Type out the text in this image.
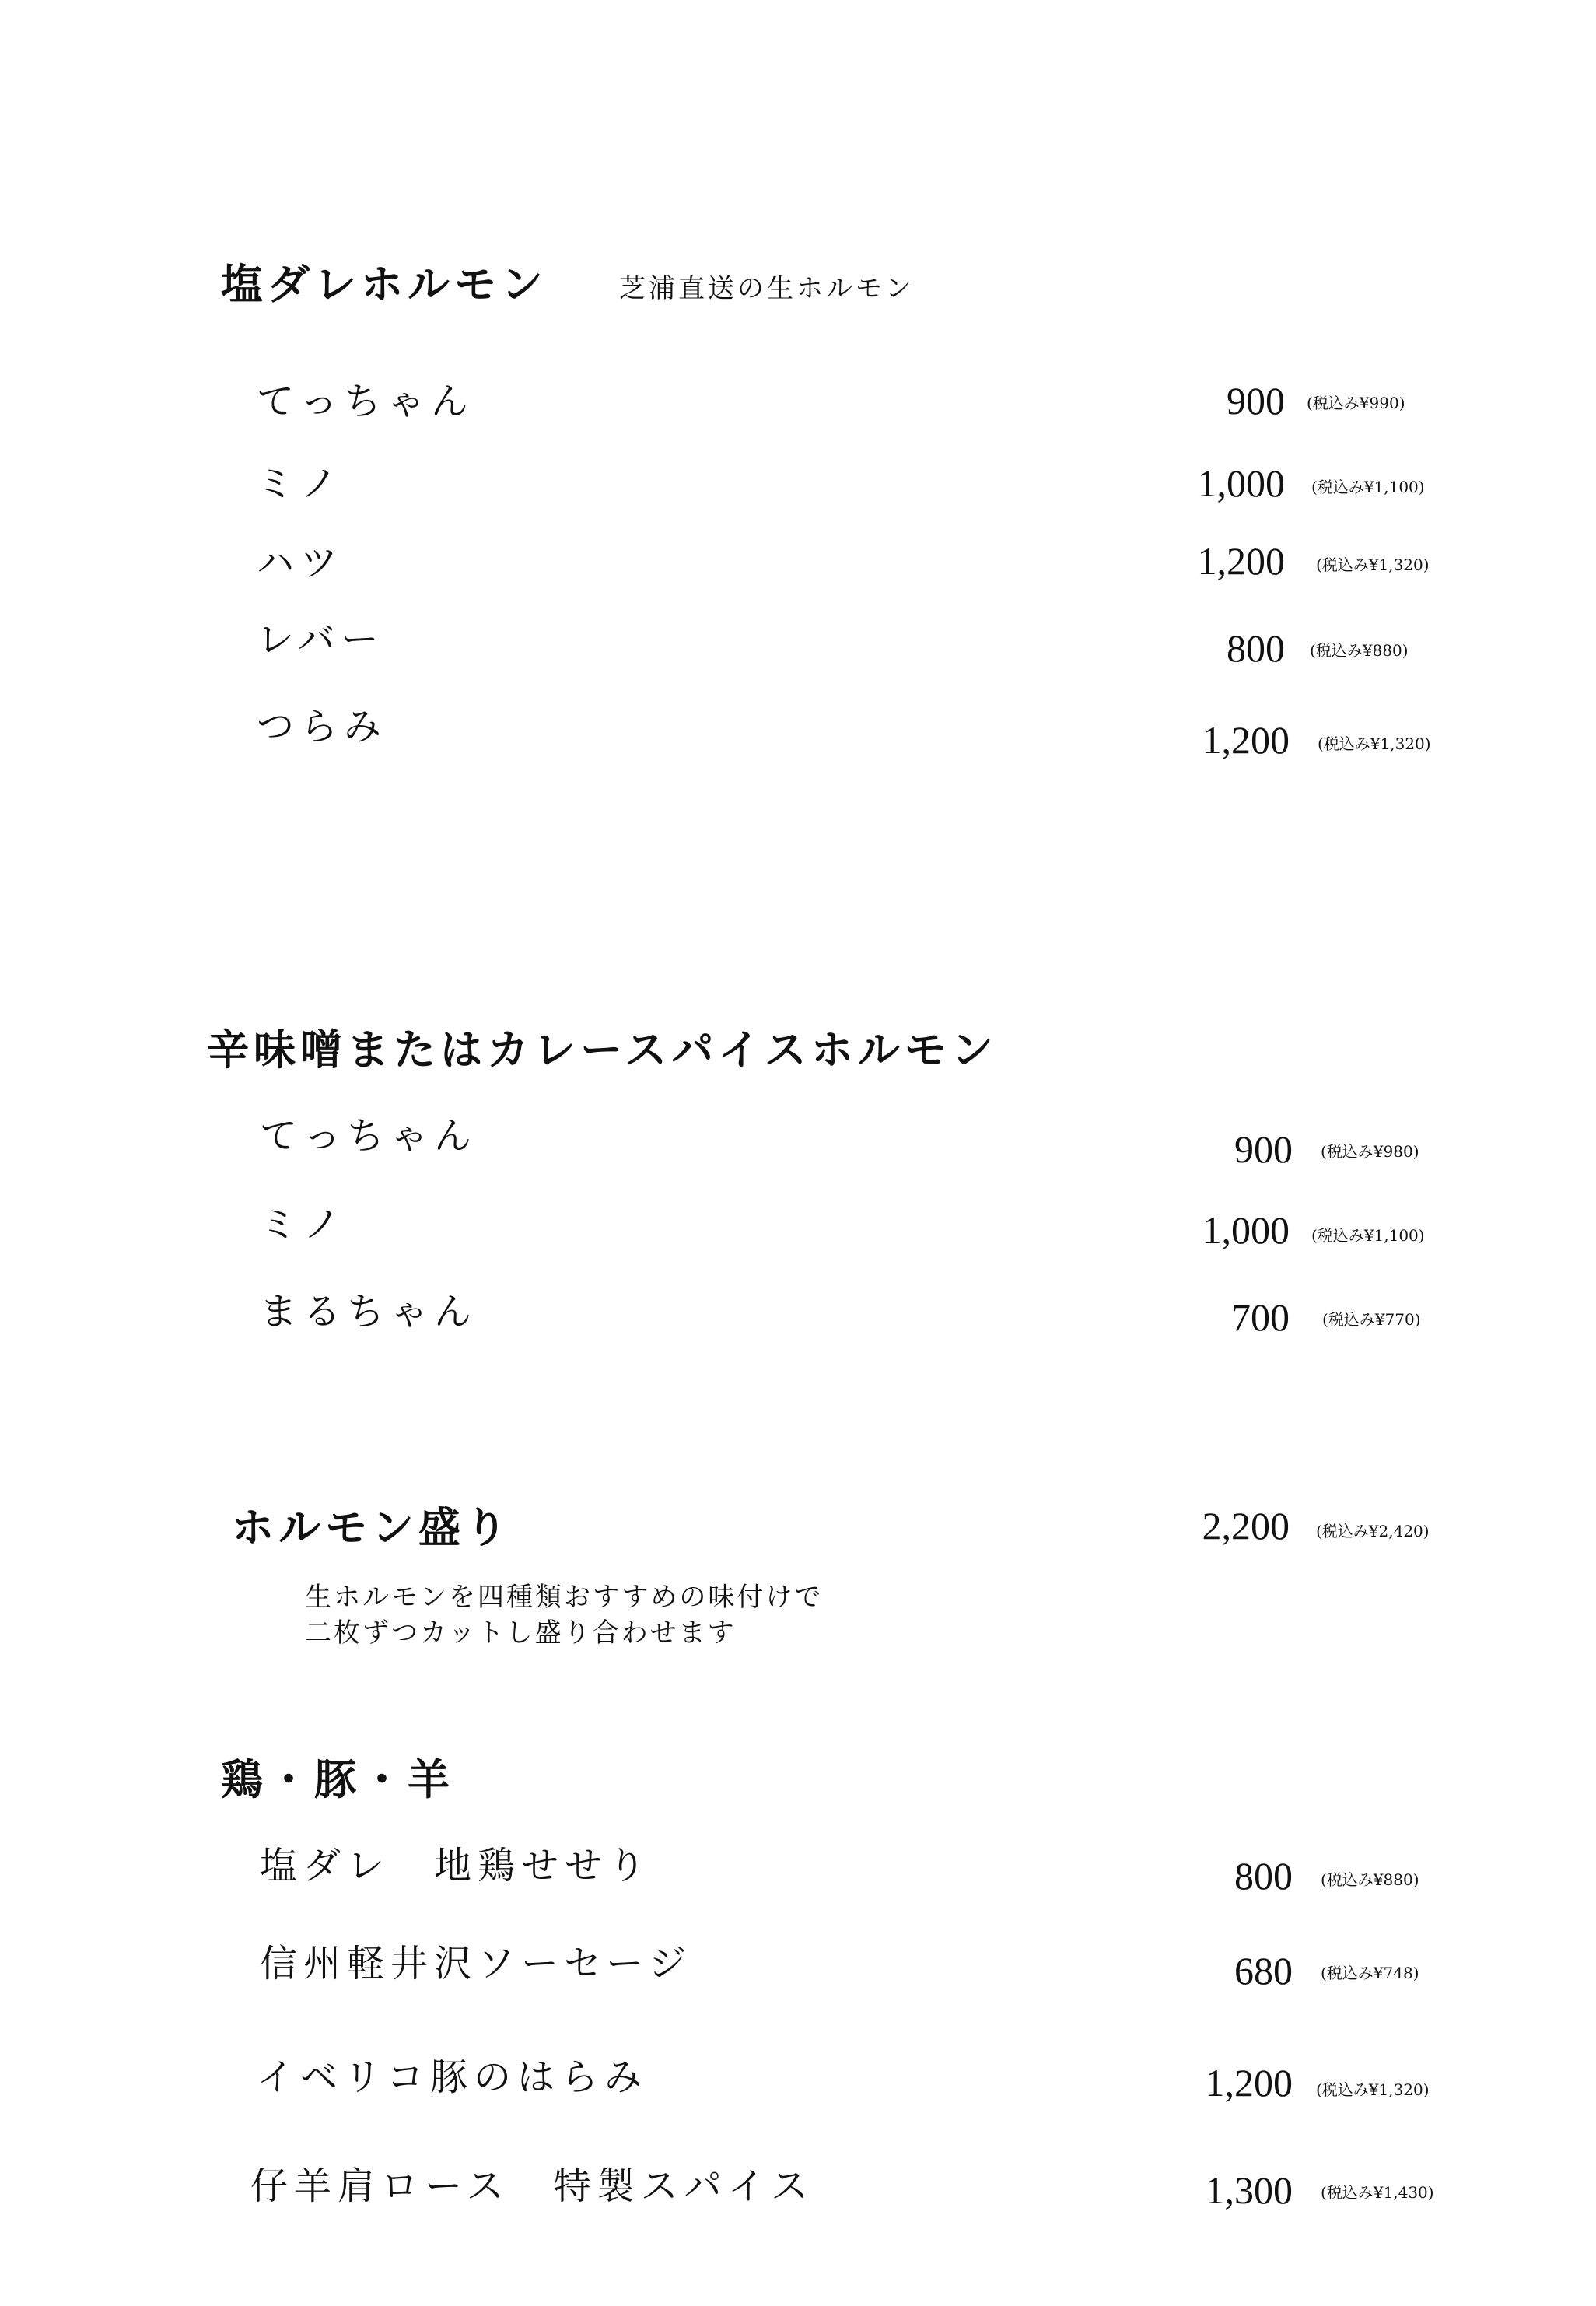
塩ダレホルモン	芝浦直送の生ホルモン
てっちゃん	900 (税込み¥990)
ミノ	1,000 (税込み¥1,100)
ハツ	1,200 (税込み¥1,320)
レバー	800 (税込み¥880)
つらみ	1,200 (税込み¥1,320)
辛味噌またはカレースパイスホルモン
てっちゃん	900 (税込み¥980)
ミノ	1,000 (税込み¥1,100)
まるちゃん	700 (税込み¥770)
ホルモン盛り	2,200 (税込み¥2,420)
生ホルモンを四種類おすすめの味付けで
二枚ずつカットし盛り合わせます
鶏・豚・羊
塩ダレ　地鶏せせり	800 (税込み¥880)
信州軽井沢ソーセージ	680 (税込み¥748)
イベリコ豚のはらみ	1,200 (税込み¥1,320)
仔羊肩ロース　特製スパイス	1,300 (税込み¥1,430)
